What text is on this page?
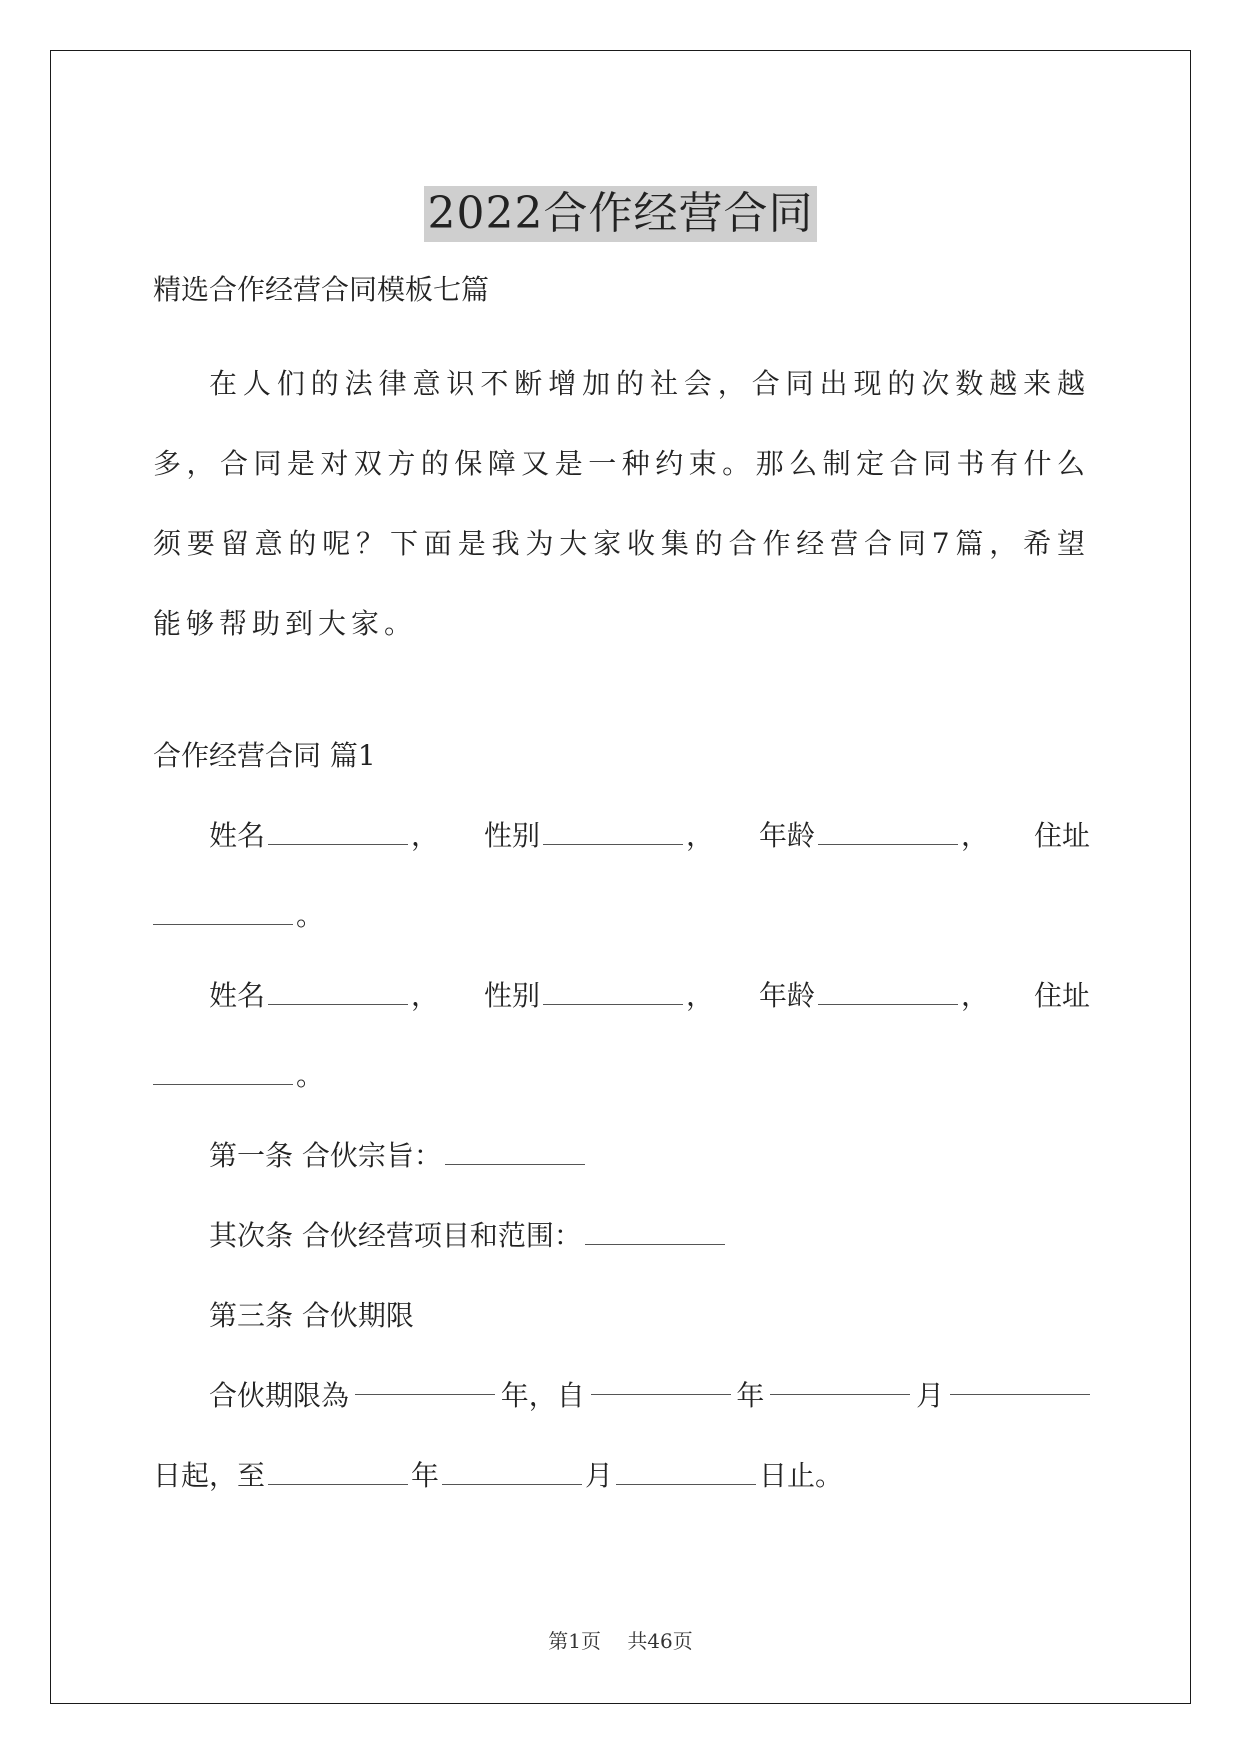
2022合作经营合同
精选合作经营合同模板七篇

在人们的法律意识不断增加的社会，合同出现的次数越来越多，合同是对双方的保障又是一种约束。那么制定合同书有什么须要留意的呢？下面是我为大家收集的合作经营合同7篇，希望能够帮助到大家。

合作经营合同 篇1
姓名	， 性别	， 年龄	， 住址
。
姓名	， 性别	， 年龄	， 住址
。
第一条 合伙宗旨：
其次条 合伙经营项目和范围：
第三条 合伙期限
合伙期限為	年，自	年	月
日起，至	年	月	日止。
第1页 共46页
